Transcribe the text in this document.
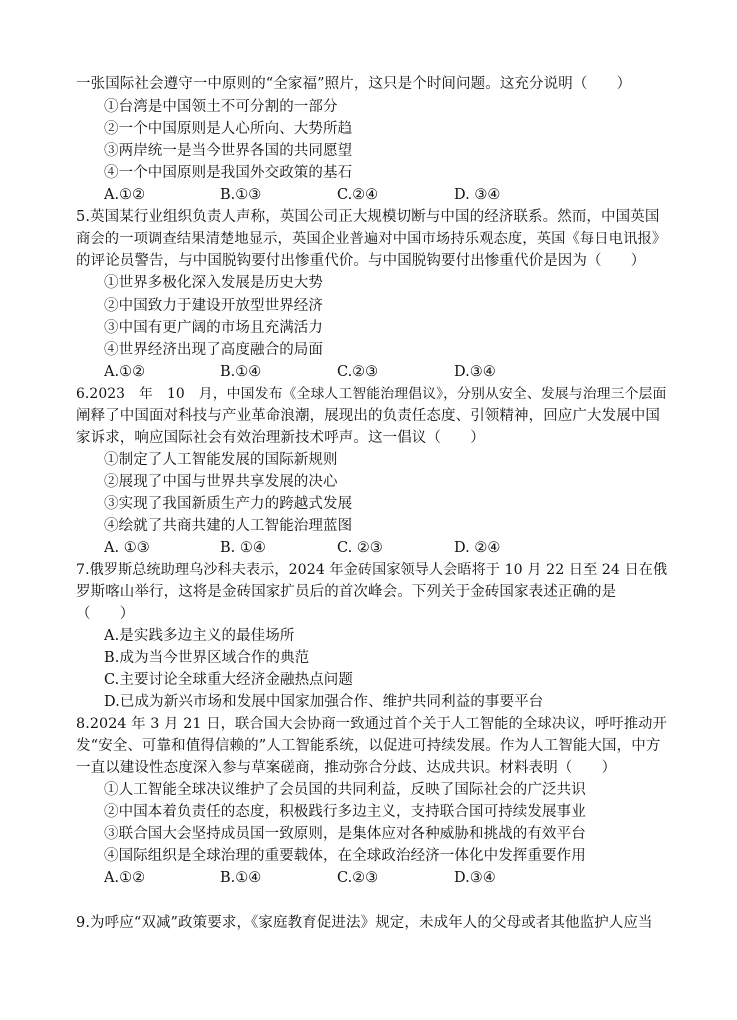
一张国际社会遵守一中原则的“全家福”照片，这只是个时间问题。这充分说明（　　）
①台湾是中国领土不可分割的一部分
②一个中国原则是人心所向、大势所趋
③两岸统一是当今世界各国的共同愿望
④一个中国原则是我国外交政策的基石
A.①②	B.①③	C.②④	D. ③④
5.英国某行业组织负责人声称，英国公司正大规模切断与中国的经济联系。然而，中国英国
商会的一项调查结果清楚地显示，英国企业普遍对中国市场持乐观态度，英国《每日电讯报》
的评论员警告，与中国脱钩要付出惨重代价。与中国脱钩要付出惨重代价是因为（　　）
①世界多极化深入发展是历史大势
②中国致力于建设开放型世界经济
③中国有更广阔的市场且充满活力
④世界经济出现了高度融合的局面
A.①②	B.①④	C.②③	D.③④
6.2023　年　10　月，中国发布《全球人工智能治理倡议》，分别从安全、发展与治理三个层面
阐释了中国面对科技与产业革命浪潮，展现出的负责任态度、引领精神，回应广大发展中国
家诉求，响应国际社会有效治理新技术呼声。这一倡议（　　）
①制定了人工智能发展的国际新规则
②展现了中国与世界共享发展的决心
③实现了我国新质生产力的跨越式发展
④绘就了共商共建的人工智能治理蓝图
A. ①③	B. ①④	C. ②③	D. ②④
7.俄罗斯总统助理乌沙科夫表示，2024 年金砖国家领导人会晤将于 10 月 22 日至 24 日在俄
罗斯喀山举行，这将是金砖国家扩员后的首次峰会。下列关于金砖国家表述正确的是
（　　）
A.是实践多边主义的最佳场所
B.成为当今世界区域合作的典范
C.主要讨论全球重大经济金融热点问题
D.已成为新兴市场和发展中国家加强合作、维护共同利益的事要平台
8.2024 年 3 月 21 日，联合国大会协商一致通过首个关于人工智能的全球决议，呼吁推动开
发“安全、可靠和值得信赖的”人工智能系统，以促进可持续发展。作为人工智能大国，中方
一直以建设性态度深入参与草案磋商，推动弥合分歧、达成共识。材料表明（　　）
①人工智能全球决议维护了会员国的共同利益，反映了国际社会的广泛共识
②中国本着负责任的态度，积极践行多边主义，支持联合国可持续发展事业
③联合国大会坚持成员国一致原则，是集体应对各种威胁和挑战的有效平台
④国际组织是全球治理的重要载体，在全球政治经济一体化中发挥重要作用
A.①②	B.①④	C.②③	D.③④
9.为呼应“双减”政策要求，《家庭教育促进法》规定，未成年人的父母或者其他监护人应当
